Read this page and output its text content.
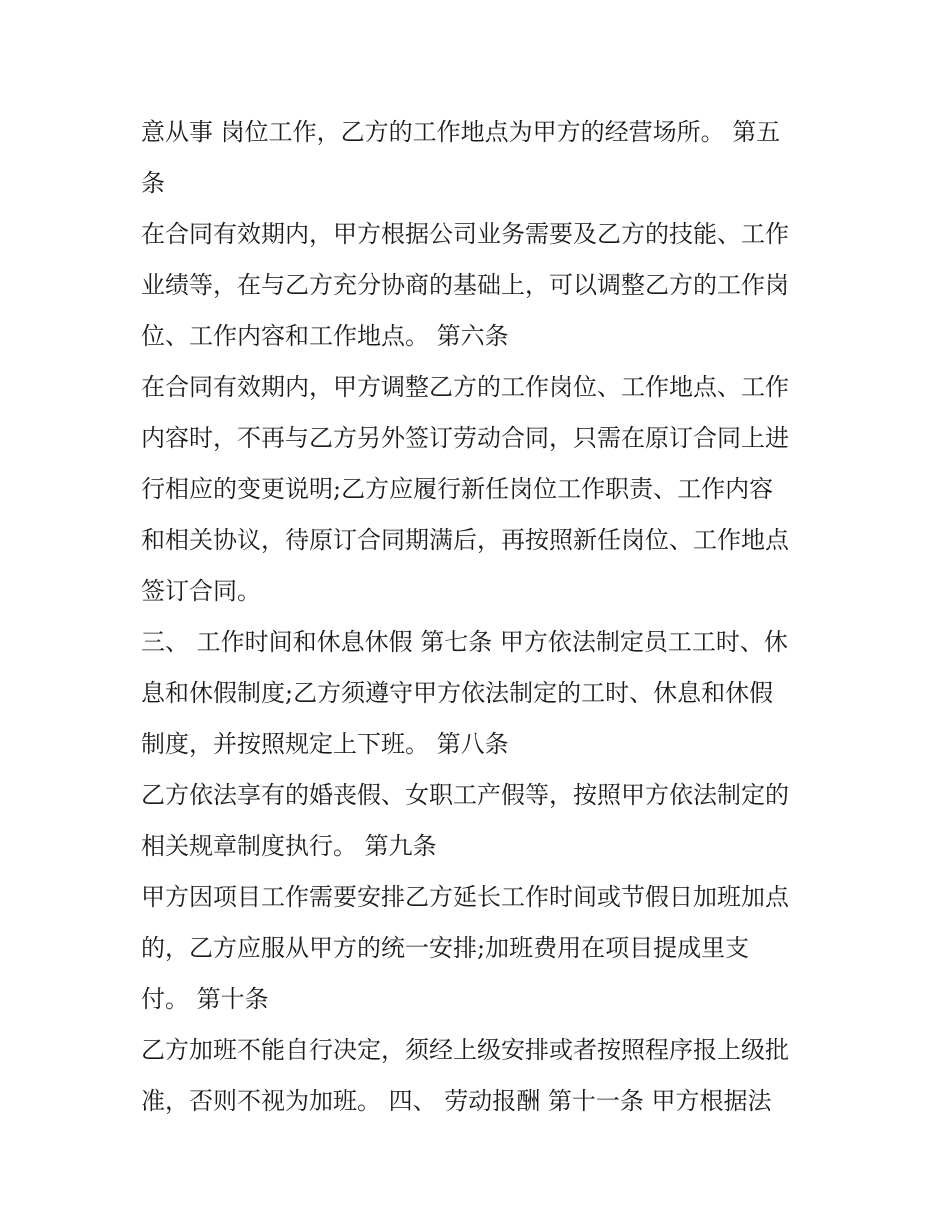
意从事 岗位工作，乙方的工作地点为甲方的经营场所。 第五
条
在合同有效期内，甲方根据公司业务需要及乙方的技能、工作
业绩等，在与乙方充分协商的基础上，可以调整乙方的工作岗
位、工作内容和工作地点。 第六条
在合同有效期内，甲方调整乙方的工作岗位、工作地点、工作
内容时，不再与乙方另外签订劳动合同，只需在原订合同上进
行相应的变更说明;乙方应履行新任岗位工作职责、工作内容
和相关协议，待原订合同期满后，再按照新任岗位、工作地点
签订合同。
三、 工作时间和休息休假 第七条 甲方依法制定员工工时、休
息和休假制度;乙方须遵守甲方依法制定的工时、休息和休假
制度，并按照规定上下班。 第八条
乙方依法享有的婚丧假、女职工产假等，按照甲方依法制定的
相关规章制度执行。 第九条
甲方因项目工作需要安排乙方延长工作时间或节假日加班加点
的，乙方应服从甲方的统一安排;加班费用在项目提成里支
付。 第十条
乙方加班不能自行决定，须经上级安排或者按照程序报上级批
准，否则不视为加班。 四、 劳动报酬 第十一条 甲方根据法
